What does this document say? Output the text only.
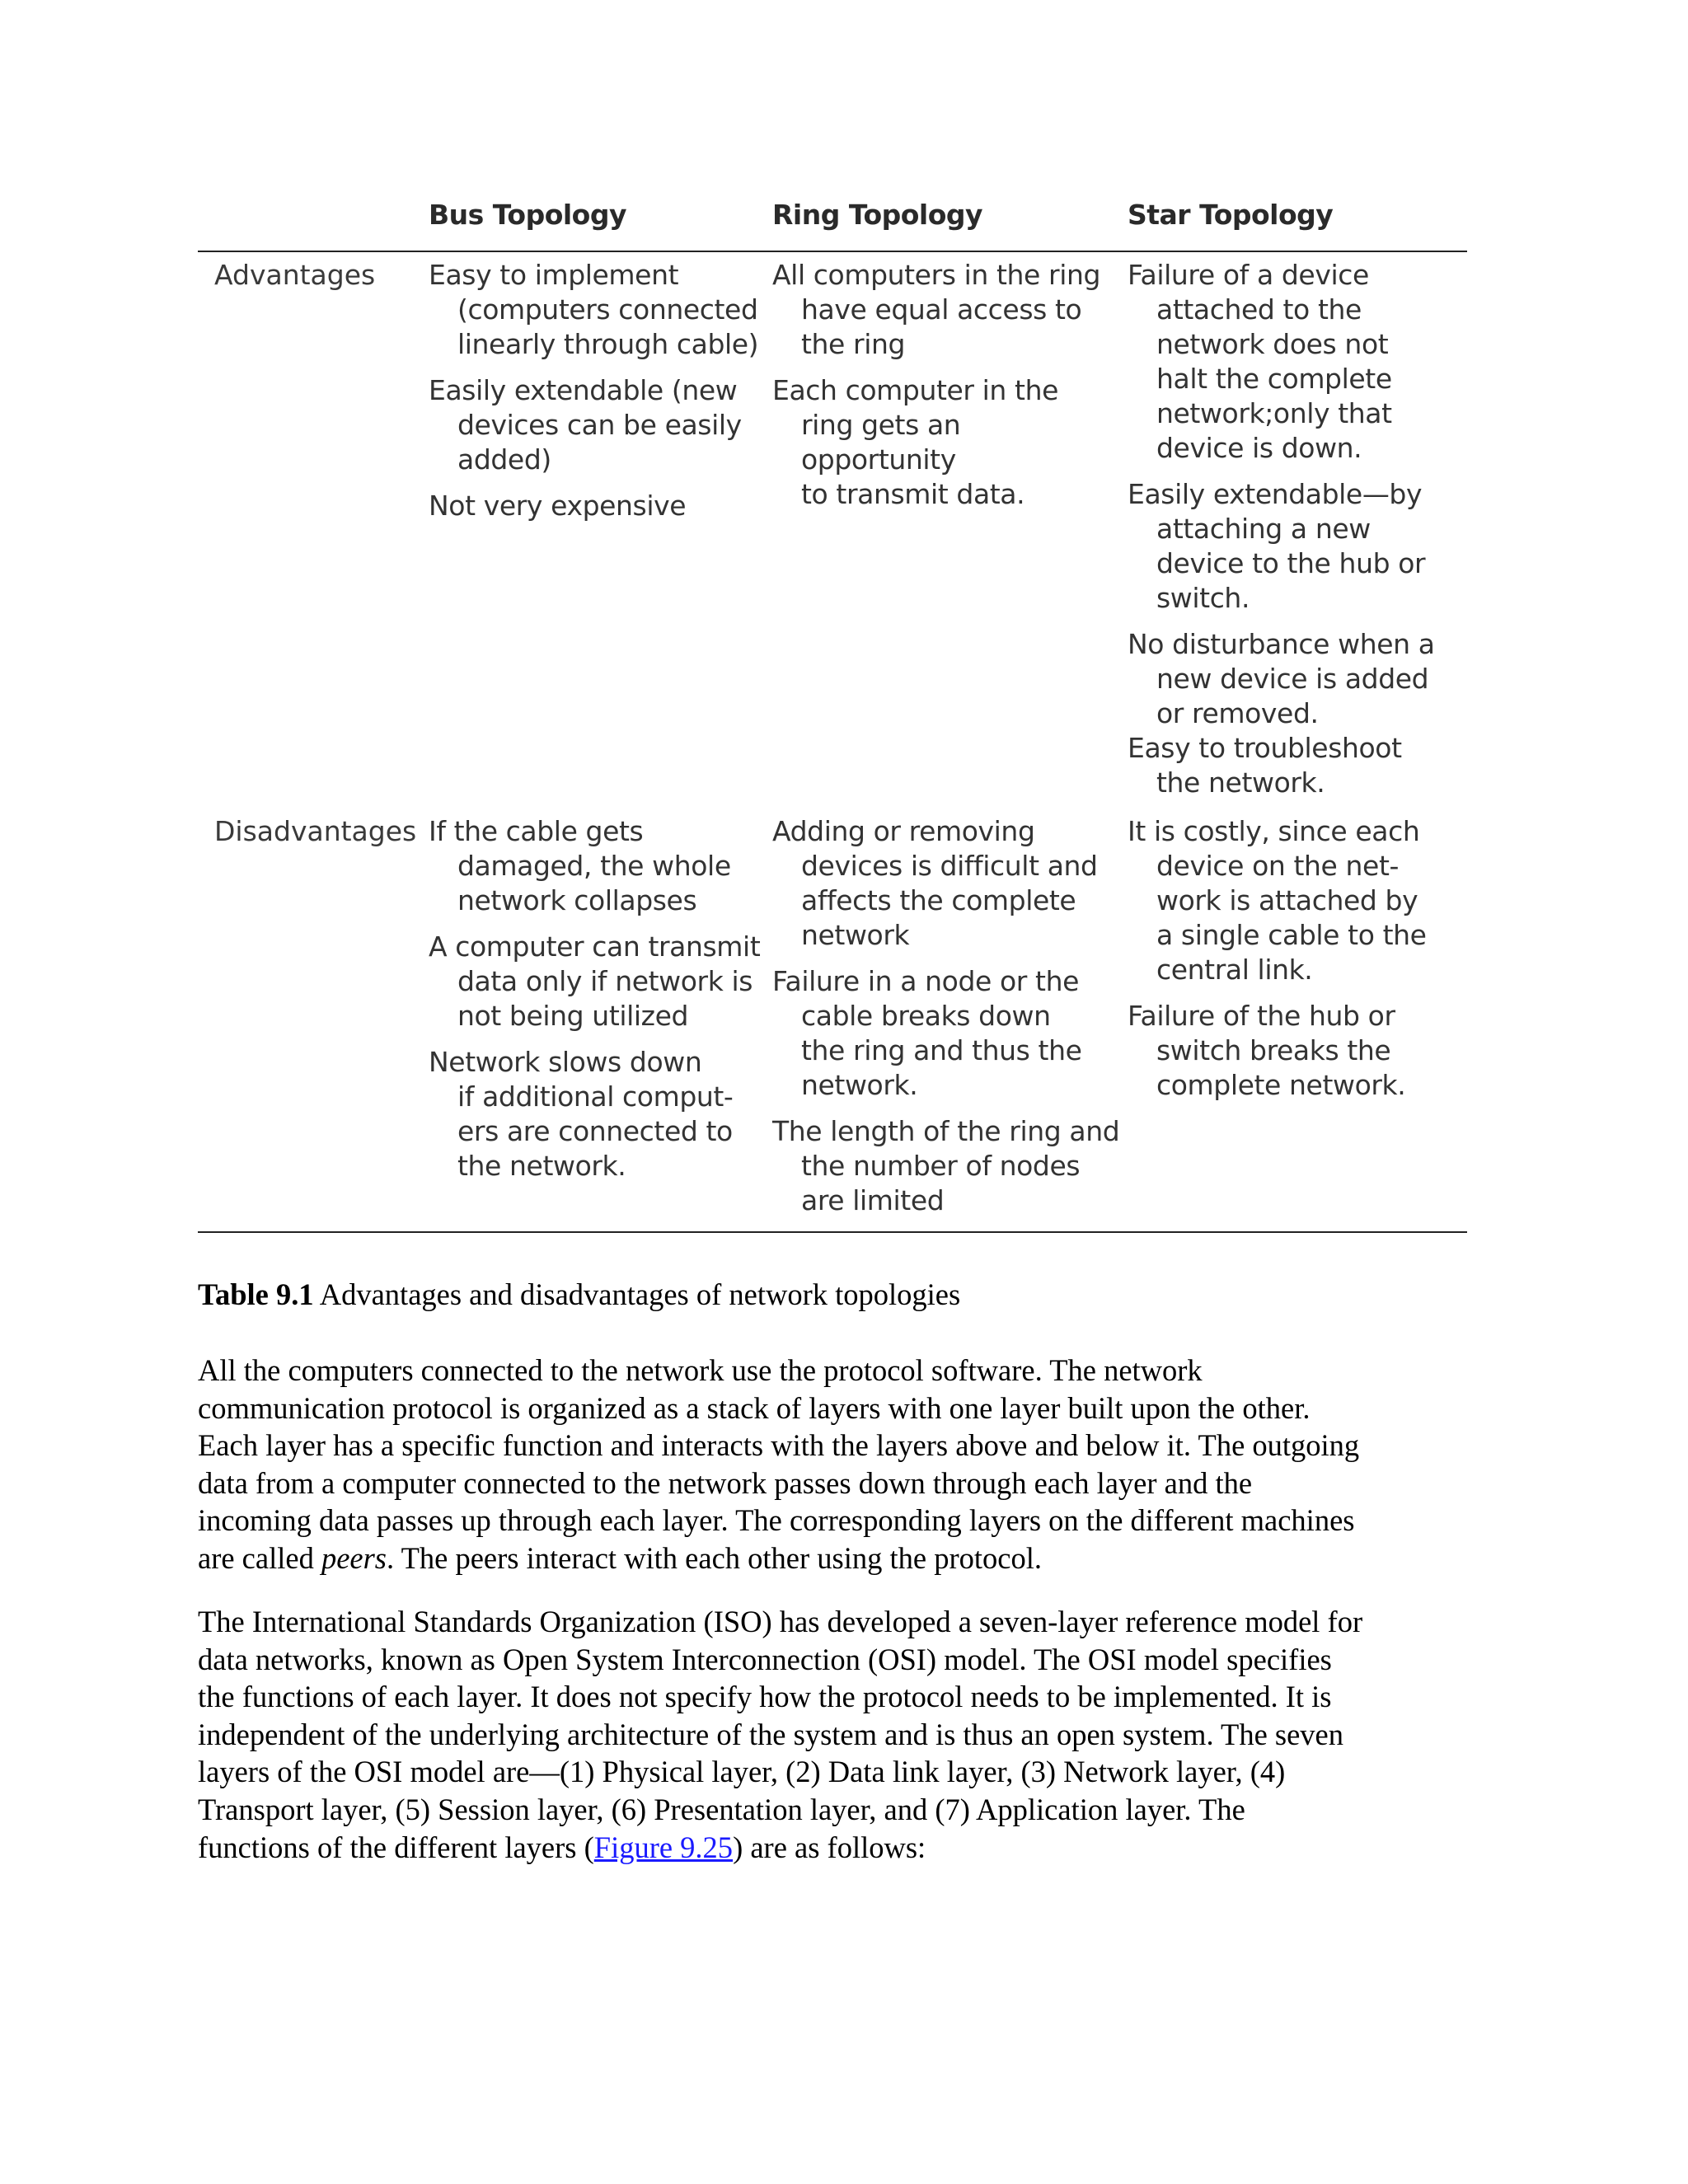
Bus Topology	Ring Topology	Star Topology
Advantages Easy to implement
(computers connected
linearly through cable)
Easily extendable (new
devices can be easily
added)
Not very expensive
All computers in the ring
have equal access to
the ring
Each computer in the
ring gets an opportunity
to transmit data.
Failure of a device
attached to the
network does not
halt the complete
network;only that
device is down.
Easily extendable—by
attaching a new
device to the hub or
switch.
No disturbance when a
new device is added
or removed.
Easy to troubleshoot
the network.
Disadvantages If the cable gets
damaged, the whole
network collapses
A computer can transmit
data only if network is
not being utilized
Network slows down
if additional comput-
ers are connected to
the network.
Adding or removing
devices is difficult and
affects the complete
network
Failure in a node or the
cable breaks down
the ring and thus the
network.
The length of the ring and
the number of nodes
are limited
It is costly, since each
device on the net-
work is attached by
a single cable to the
central link.
Failure of the hub or
switch breaks the
complete network.
Table 9.1 Advantages and disadvantages of network topologies
All the computers connected to the network use the protocol software. The network
communication protocol is organized as a stack of layers with one layer built upon the other.
Each layer has a specific function and interacts with the layers above and below it. The outgoing
data from a computer connected to the network passes down through each layer and the
incoming data passes up through each layer. The corresponding layers on the different machines
are called peers. The peers interact with each other using the protocol.
The International Standards Organization (ISO) has developed a seven-layer reference model for
data networks, known as Open System Interconnection (OSI) model. The OSI model specifies
the functions of each layer. It does not specify how the protocol needs to be implemented. It is
independent of the underlying architecture of the system and is thus an open system. The seven
layers of the OSI model are—(1) Physical layer, (2) Data link layer, (3) Network layer, (4)
Transport layer, (5) Session layer, (6) Presentation layer, and (7) Application layer. The
functions of the different layers (Figure 9.25) are as follows:
